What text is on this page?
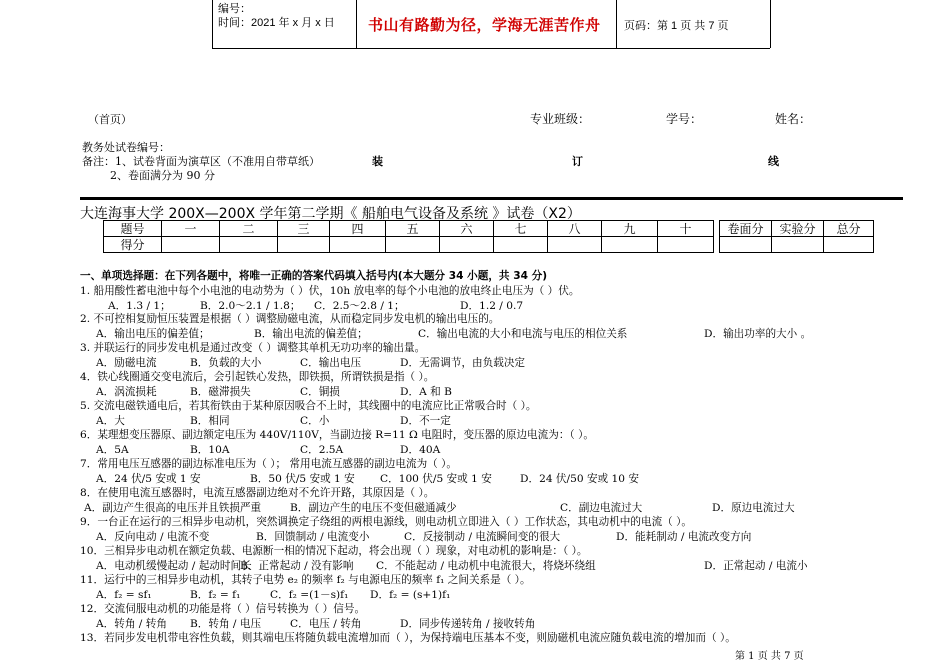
编号：
时间：2021 年 x 月 x 日 书山有路勤为径，学海无涯苦作舟 页码：第 1 页 共 7 页
（首页）	专业班级：	学号：	姓名：
教务处试卷编号：
备注：1、试卷背面为演草区（不准用自带草纸）	装	订	线
2、卷面满分为 90 分
大连海事大学 200X—200X 学年第二学期《 船舶电气设备及系统 》试卷（X2）
题号	一	二	三	四	五	六	七	八	九	十		卷面分	实验分	总分
得分														
一、单项选择题：在下列各题中，将唯一正确的答案代码填入括号内(本大题分 34 小题，共 34 分)
1. 船用酸性蓄电池中每个小电池的电动势为（ ）伏，10h 放电率的每个小电池的放电终止电压为（ ）伏。
A．1.3 / 1；	B．2.0～2.1 / 1.8； C．2.5～2.8 / 1；	D．1.2 / 0.7
2. 不可控相复励恒压装置是根据（ ）调整励磁电流，从而稳定同步发电机的输出电压的。
A．输出电压的偏差值；	B．输出电流的偏差值；	C．输出电流的大小和电流与电压的相位关系	D．输出功率的大小 。
3. 并联运行的同步发电机是通过改变（ ）调整其单机无功功率的输出量。
A．励磁电流	B．负载的大小	C．输出电压	D．无需调节，由负载决定
4．铁心线圈通交变电流后，会引起铁心发热，即铁损，所谓铁损是指（ ）。
A．涡流损耗	B．磁滞损失	C．铜损	D．A 和 B
5. 交流电磁铁通电后，若其衔铁由于某种原因吸合不上时，其线圈中的电流应比正常吸合时（ ）。
A．大	B．相同	C．小	D．不一定
6．某理想变压器原、副边额定电压为 440V/110V，当副边接 R=11 Ω 电阻时，变压器的原边电流为：（ ）。
A．5A	B．10A	C．2.5A	D．40A
7．常用电压互感器的副边标准电压为（ ）； 常用电流互感器的副边电流为（ ）。
A．24 伏/5 安或 1 安	B．50 伏/5 安或 1 安 C．100 伏/5 安或 1 安	D．24 伏/50 安或 10 安
8．在使用电流互感器时，电流互感器副边绝对不允许开路，其原因是（ ）。
A．副边产生很高的电压并且铁损严重	B．副边产生的电压不变但磁通减少	C．副边电流过大	D．原边电流过大
9．一台正在运行的三相异步电动机，突然调换定子绕组的两根电源线，则电动机立即进入（ ）工作状态，其电动机中的电流（ ）。
A．反向电动 / 电流不变	B．回馈制动 / 电流变小	C．反接制动 / 电流瞬间变的很大	D．能耗制动 / 电流改变方向
10．三相异步电动机在额定负载、电源断一相的情况下起动，将会出现（ ）现象，对电动机的影响是：（ ）。
A．电动机缓慢起动 / 起动时间长
B．正常起动 / 没有影响 C．不能起动 / 电动机中电流很大，将烧坏绕组	D．正常起动 / 电流小
11．运行中的三相异步电动机，其转子电势 e₂ 的频率 f₂ 与电源电压的频率 f₁ 之间关系是（ ）。
A．f₂ = sf₁	B．f₂ = f₁	C．f₂ =(1－s)f₁ D．f₂ = (s+1)f₁
12．交流伺服电动机的功能是将（ ）信号转换为（ ）信号。
A．转角 / 转角 B．转角 / 电压	C．电压 / 转角	D．同步传递转角 / 接收转角
13．若同步发电机带电容性负载，则其端电压将随负载电流增加而（ ），为保持端电压基本不变，则励磁机电流应随负载电流的增加而（ ）。
第 1 页 共 7 页
